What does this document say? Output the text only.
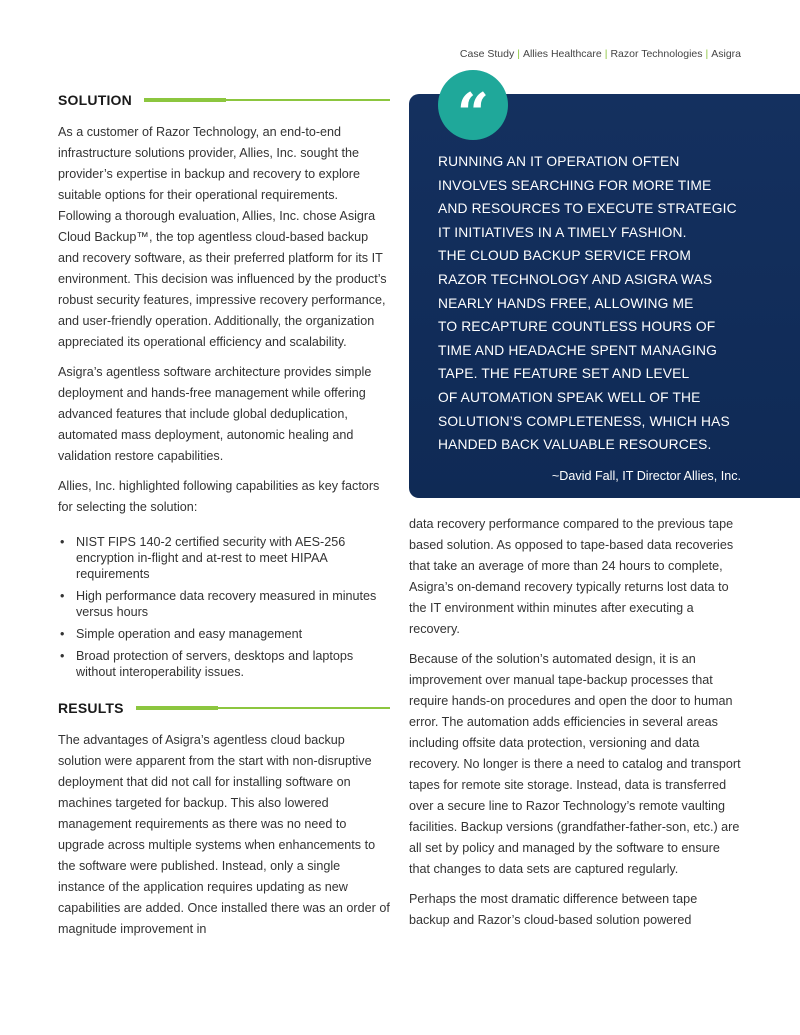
Case Study | Allies Healthcare | Razor Technologies | Asigra
SOLUTION

As a customer of Razor Technology, an end-to-end infrastructure solutions provider, Allies, Inc. sought the provider’s expertise in backup and recovery to explore suitable options for their operational requirements. Following a thorough evaluation, Allies, Inc. chose Asigra Cloud Backup™, the top agentless cloud-based backup and recovery software, as their preferred platform for its IT environment. This decision was influenced by the product’s robust security features, impressive recovery performance, and user-friendly operation. Additionally, the organization appreciated its operational efficiency and scalability.

Asigra’s agentless software architecture provides simple deployment and hands-free management while offering advanced features that include global deduplication, automated mass deployment, autonomic healing and validation restore capabilities.

Allies, Inc. highlighted following capabilities as key factors for selecting the solution:

• NIST FIPS 140-2 certified security with AES-256 encryption in-flight and at-rest to meet HIPAA requirements
• High performance data recovery measured in minutes versus hours
• Simple operation and easy management
• Broad protection of servers, desktops and laptops without interoperability issues.
RESULTS

The advantages of Asigra’s agentless cloud backup solution were apparent from the start with non-disruptive deployment that did not call for installing software on machines targeted for backup. This also lowered management requirements as there was no need to upgrade across multiple systems when enhancements to the software were published. Instead, only a single instance of the application requires updating as new capabilities are added. Once installed there was an order of magnitude improvement in

“

RUNNING AN IT OPERATION OFTEN
INVOLVES SEARCHING FOR MORE TIME
AND RESOURCES TO EXECUTE STRATEGIC
IT INITIATIVES IN A TIMELY FASHION.
THE CLOUD BACKUP SERVICE FROM
RAZOR TECHNOLOGY AND ASIGRA WAS
NEARLY HANDS FREE, ALLOWING ME
TO RECAPTURE COUNTLESS HOURS OF
TIME AND HEADACHE SPENT MANAGING
TAPE. THE FEATURE SET AND LEVEL
OF AUTOMATION SPEAK WELL OF THE
SOLUTION’S COMPLETENESS, WHICH HAS
HANDED BACK VALUABLE RESOURCES.

~David Fall, IT Director Allies, Inc.

data recovery performance compared to the previous tape based solution. As opposed to tape-based data recoveries that take an average of more than 24 hours to complete, Asigra’s on-demand recovery typically returns lost data to the IT environment within minutes after executing a recovery.

Because of the solution’s automated design, it is an improvement over manual tape-backup processes that require hands-on procedures and open the door to human error. The automation adds efficiencies in several areas including offsite data protection, versioning and data recovery. No longer is there a need to catalog and transport tapes for remote site storage. Instead, data is transferred over a secure line to Razor Technology’s remote vaulting facilities. Backup versions (grandfather-father-son, etc.) are all set by policy and managed by the software to ensure that changes to data sets are captured regularly.

Perhaps the most dramatic difference between tape backup and Razor’s cloud-based solution powered
